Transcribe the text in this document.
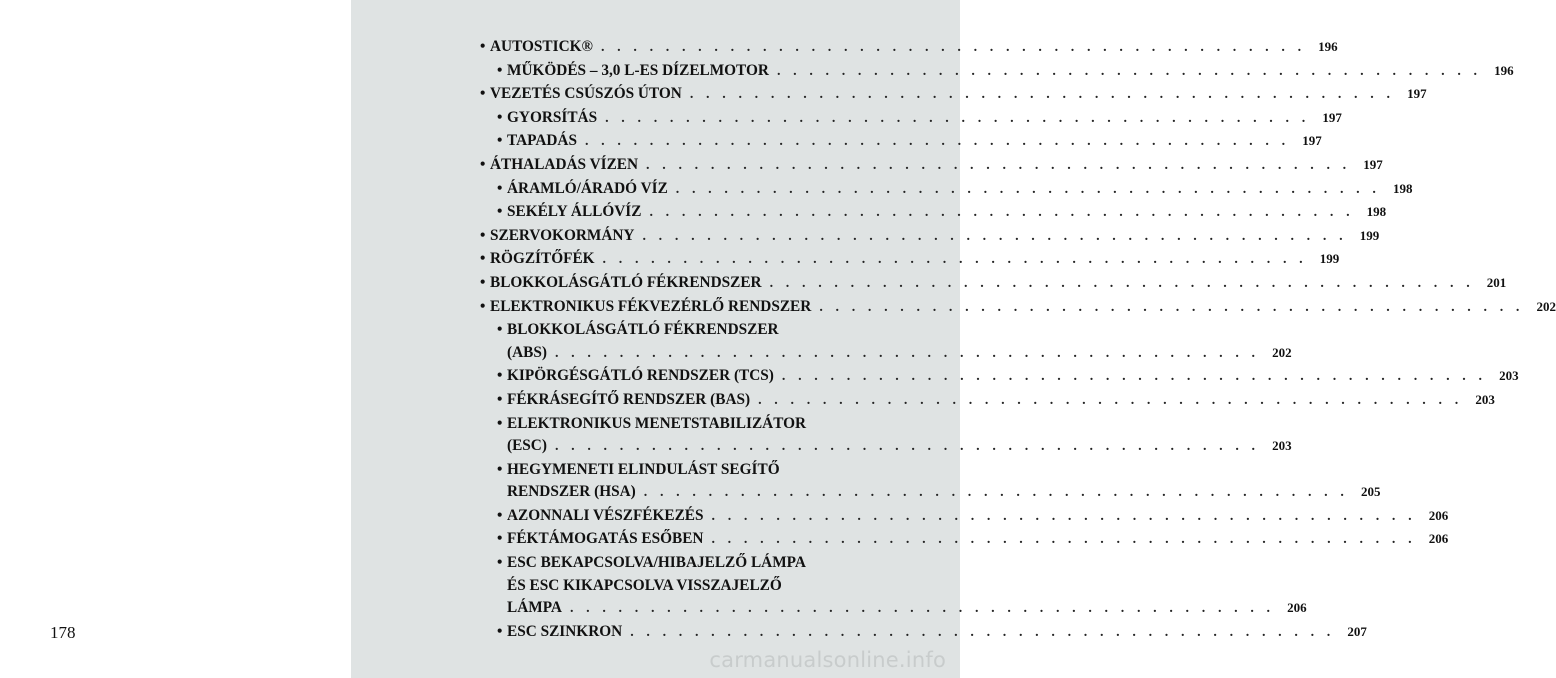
178
• AUTOSTICK® . . . . . . . . . . . . . . . . . . . . . . . . . . . . . . . . . . . . . . . . . . . . 196
• MŰKÖDÉS – 3,0 L-ES DÍZELMOTOR . . . . . . . . . . . . . . . . . . . . . . . . . . . . . . . . . . . . . . . . . . . . 196
• VEZETÉS CSÚSZÓS ÚTON . . . . . . . . . . . . . . . . . . . . . . . . . . . . . . . . . . . . . . . . . . . . 197
• GYORSÍTÁS . . . . . . . . . . . . . . . . . . . . . . . . . . . . . . . . . . . . . . . . . . . . 197
• TAPADÁS . . . . . . . . . . . . . . . . . . . . . . . . . . . . . . . . . . . . . . . . . . . . 197
• ÁTHALADÁS VÍZEN . . . . . . . . . . . . . . . . . . . . . . . . . . . . . . . . . . . . . . . . . . . . 197
• ÁRAMLÓ/ÁRADÓ VÍZ . . . . . . . . . . . . . . . . . . . . . . . . . . . . . . . . . . . . . . . . . . . . 198
• SEKÉLY ÁLLÓVÍZ . . . . . . . . . . . . . . . . . . . . . . . . . . . . . . . . . . . . . . . . . . . . 198
• SZERVOKORMÁNY . . . . . . . . . . . . . . . . . . . . . . . . . . . . . . . . . . . . . . . . . . . . 199
• RÖGZÍTŐFÉK . . . . . . . . . . . . . . . . . . . . . . . . . . . . . . . . . . . . . . . . . . . . 199
• BLOKKOLÁSGÁTLÓ FÉKRENDSZER . . . . . . . . . . . . . . . . . . . . . . . . . . . . . . . . . . . . . . . . . . . . 201
• ELEKTRONIKUS FÉKVEZÉRLŐ RENDSZER . . . . . . . . . . . . . . . . . . . . . . . . . . . . . . . . . . . . . . . . . . . . 202
• BLOKKOLÁSGÁTLÓ FÉKRENDSZER
(ABS) . . . . . . . . . . . . . . . . . . . . . . . . . . . . . . . . . . . . . . . . . . . . 202
• KIPÖRGÉSGÁTLÓ RENDSZER (TCS) . . . . . . . . . . . . . . . . . . . . . . . . . . . . . . . . . . . . . . . . . . . . 203
• FÉKRÁSEGÍTŐ RENDSZER (BAS) . . . . . . . . . . . . . . . . . . . . . . . . . . . . . . . . . . . . . . . . . . . . 203
• ELEKTRONIKUS MENETSTABILIZÁTOR
(ESC) . . . . . . . . . . . . . . . . . . . . . . . . . . . . . . . . . . . . . . . . . . . . 203
• HEGYMENETI ELINDULÁST SEGÍTŐ
RENDSZER (HSA) . . . . . . . . . . . . . . . . . . . . . . . . . . . . . . . . . . . . . . . . . . . . 205
• AZONNALI VÉSZFÉKEZÉS . . . . . . . . . . . . . . . . . . . . . . . . . . . . . . . . . . . . . . . . . . . . 206
• FÉKTÁMOGATÁS ESŐBEN . . . . . . . . . . . . . . . . . . . . . . . . . . . . . . . . . . . . . . . . . . . . 206
• ESC BEKAPCSOLVA/HIBAJELZŐ LÁMPA
ÉS ESC KIKAPCSOLVA VISSZAJELZŐ
LÁMPA . . . . . . . . . . . . . . . . . . . . . . . . . . . . . . . . . . . . . . . . . . . . 206
• ESC SZINKRON . . . . . . . . . . . . . . . . . . . . . . . . . . . . . . . . . . . . . . . . . . . . 207
carmanualsonline.info
